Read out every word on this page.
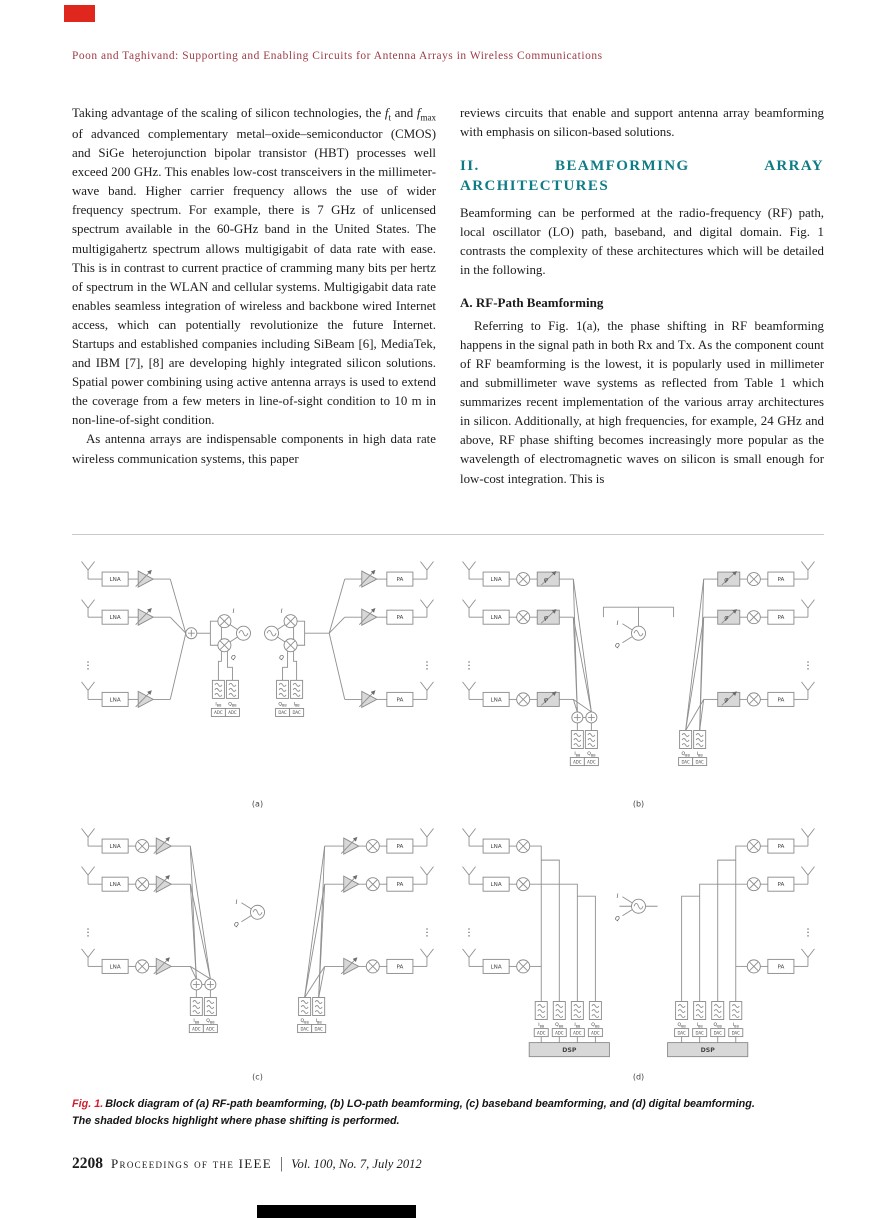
Poon and Taghivand: Supporting and Enabling Circuits for Antenna Arrays in Wireless Communications

Taking advantage of the scaling of silicon technologies, the $f_t$ and $f_{max}$ of advanced complementary metal–oxide–semiconductor (CMOS) and SiGe heterojunction bipolar transistor (HBT) processes well exceed 200 GHz. This enables low-cost transceivers in the millimeter-wave band. Higher carrier frequency allows the use of wider frequency spectrum. For example, there is 7 GHz of unlicensed spectrum available in the 60-GHz band in the United States. The multigigahertz spectrum allows multigigabit of data rate with ease. This is in contrast to current practice of cramming many bits per hertz of spectrum in the WLAN and cellular systems. Multigigabit data rate enables seamless integration of wireless and backbone wired Internet access, which can potentially revolutionize the future Internet. Startups and established companies including SiBeam [6], MediaTek, and IBM [7], [8] are developing highly integrated silicon solutions. Spatial power combining using active antenna arrays is used to extend the coverage from a few meters in line-of-sight condition to 10 m in non-line-of-sight condition.

As antenna arrays are indispensable components in high data rate wireless communication systems, this paper

reviews circuits that enable and support antenna array beamforming with emphasis on silicon-based solutions.

II. BEAMFORMING ARRAY ARCHITECTURES

Beamforming can be performed at the radio-frequency (RF) path, local oscillator (LO) path, baseband, and digital domain. Fig. 1 contrasts the complexity of these architectures which will be detailed in the following.

A. RF-Path Beamforming

Referring to Fig. 1(a), the phase shifting in RF beamforming happens in the signal path in both Rx and Tx. As the component count of RF beamforming is the lowest, it is popularly used in millimeter and submillimeter wave systems as reflected from Table 1 which summarizes recent implementation of the various array architectures in silicon. Additionally, at high frequencies, for example, 24 GHz and above, RF phase shifting becomes increasingly more popular as the wavelength of electromagnetic waves on silicon is small enough for low-cost integration. This is

LNA
LNA
LNA
I
Q
$I_{BB}$ $Q_{BB}$
ADC ADC
I
Q
$Q_{BB}$ $I_{BB}$
DAC DAC
PA
PA
PA
⋮	⋮
(a)
LNA
LNA
LNA
φ
φ
φ
I
Q
$I_{BB}$ $Q_{BB}$
ADC ADC
φ
φ
φ
PA
PA
PA
$Q_{BB}$ $I_{BB}$
DAC DAC
⋮	⋮
(b)
LNA
LNA
LNA
I
Q
$I_{BB}$ $Q_{BB}$
ADC ADC
PA
PA
PA
$Q_{BB}$ $I_{BB}$
DAC DAC
⋮	⋮
(c)
LNA
LNA
LNA
I
Q
$I_{BB}$ $Q_{BB}$ $I_{BB}$ $Q_{BB}$
ADC ADC ADC ADC
DSP
$Q_{BB}$ $I_{BB}$ $Q_{BB}$ $I_{BB}$
DAC	DAC	DAC	DAC
DSP
PA
PA
PA
⋮	⋮
(d)
Fig. 1. Block diagram of (a) RF-path beamforming, (b) LO-path beamforming, (c) baseband beamforming, and (d) digital beamforming.
The shaded blocks highlight where phase shifting is performed.
2208 Proceedings of the IEEE | Vol. 100, No. 7, July 2012
